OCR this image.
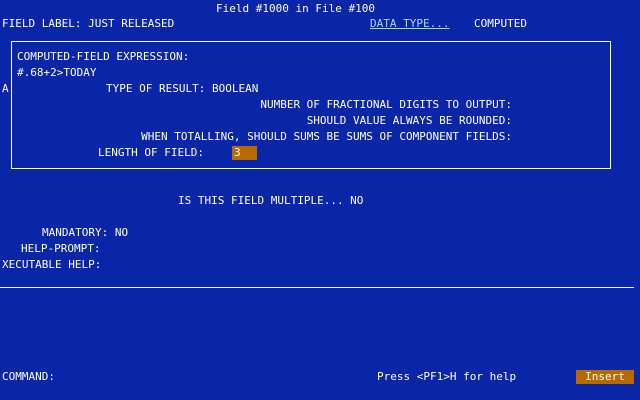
Field #1000 in File #100
FIELD LABEL: JUST RELEASED	DATA TYPE... COMPUTED
COMPUTED-FIELD EXPRESSION:
#.68+2>TODAY
A	TYPE OF RESULT: BOOLEAN
NUMBER OF FRACTIONAL DIGITS TO OUTPUT:
SHOULD VALUE ALWAYS BE ROUNDED:
WHEN TOTALLING, SHOULD SUMS BE SUMS OF COMPONENT FIELDS:
LENGTH OF FIELD:	3
IS THIS FIELD MULTIPLE... NO
MANDATORY: NO
HELP-PROMPT:
XECUTABLE HELP:
COMMAND:	Press <PF1>H for help	Insert
